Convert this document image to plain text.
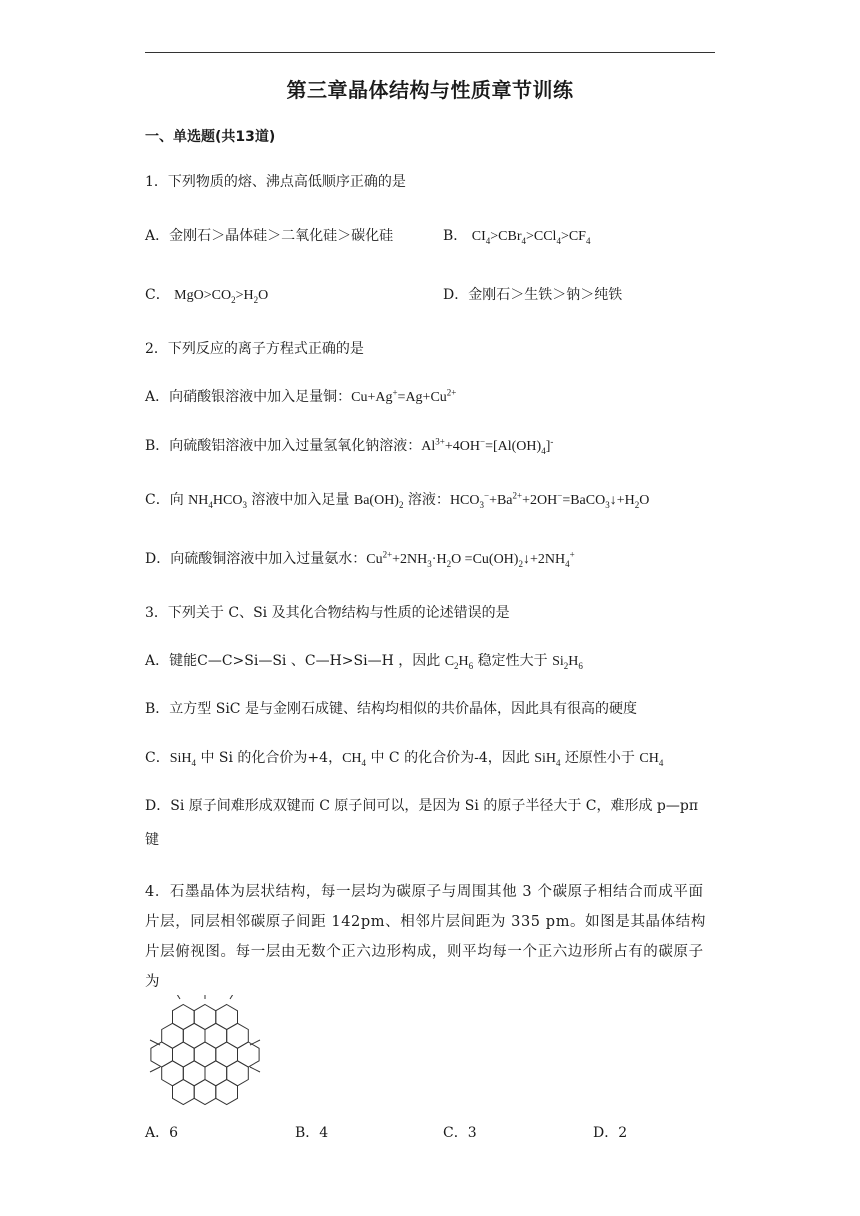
第三章晶体结构与性质章节训练
一、单选题(共13道)
1．下列物质的熔、沸点高低顺序正确的是
A．金刚石＞晶体硅＞二氧化硅＞碳化硅	B． $CI_4>CBr_4>CCl_4>CF_4$
C． $MgO>CO_2>H_2O$	D．金刚石＞生铁＞钠＞纯铁
2．下列反应的离子方程式正确的是
A．向硝酸银溶液中加入足量铜：$Cu+Ag^+=Ag+Cu^{2+}$
B．向硫酸铝溶液中加入过量氢氧化钠溶液：$Al^{3+}+4OH^-=[Al(OH)_4]^-$
C．向 $NH_4HCO_3$ 溶液中加入足量 $Ba(OH)_2$ 溶液：$HCO_3^-+Ba^{2+}+2OH^-=BaCO_3↓+H_2O$
D．向硫酸铜溶液中加入过量氨水：$Cu^{2+}+2NH_3\cdot H_2O$ $=Cu(OH)_2↓+2NH_4^+$
3．下列关于 C、Si 及其化合物结构与性质的论述错误的是
A．键能C—C>Si—Si 、C—H>Si—H ，因此 $C_2H_6$ 稳定性大于 $Si_2H_6$
B．立方型 SiC 是与金刚石成键、结构均相似的共价晶体，因此具有很高的硬度
C．SiH$_4$ 中 Si 的化合价为+4，$CH_4$ 中 C 的化合价为-4，因此 SiH$_4$ 还原性小于 $CH_4$
D．Si 原子间难形成双键而 C 原子间可以，是因为 Si 的原子半径大于 C，难形成 p—pπ
键
4．石墨晶体为层状结构，每一层均为碳原子与周围其他 3 个碳原子相结合而成平面片层，同层相邻碳原子间距 142pm、相邻片层间距为 335 pm。如图是其晶体结构片层俯视图。每一层由无数个正六边形构成，则平均每一个正六边形所占有的碳原子为
A．6	B．4	C．3	D．2
